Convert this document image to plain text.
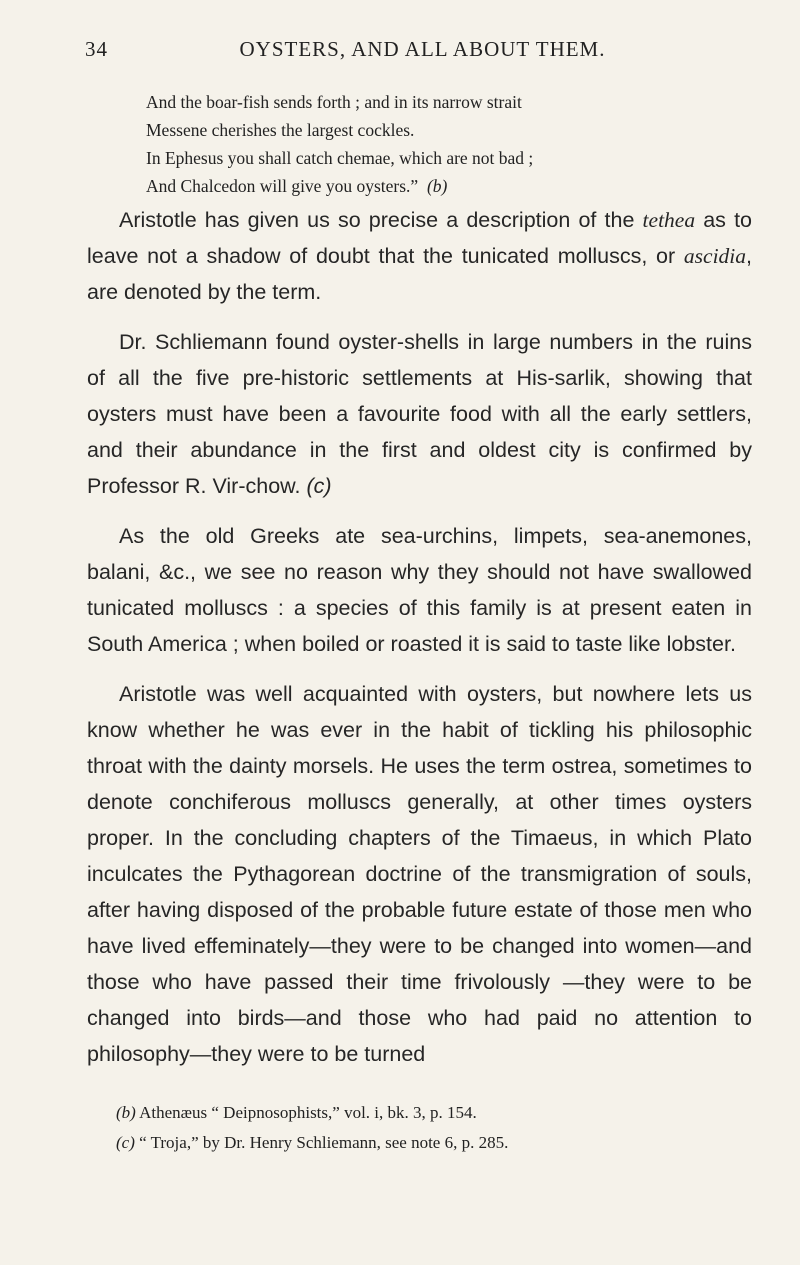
34	OYSTERS, AND ALL ABOUT THEM.
And the boar-fish sends forth ; and in its narrow strait
Messene cherishes the largest cockles.
In Ephesus you shall catch chemae, which are not bad ;
And Chalcedon will give you oysters.” (b)

Aristotle has given us so precise a description of the tethea as to leave not a shadow of doubt that the tunicated molluscs, or ascidia, are denoted by the term.

Dr. Schliemann found oyster-shells in large numbers in the ruins of all the five pre-historic settlements at His-sarlik, showing that oysters must have been a favourite food with all the early settlers, and their abundance in the first and oldest city is confirmed by Professor R. Vir-chow. (c)

As the old Greeks ate sea-urchins, limpets, sea-anemones, balani, &c., we see no reason why they should not have swallowed tunicated molluscs : a species of this family is at present eaten in South America ; when boiled or roasted it is said to taste like lobster.

Aristotle was well acquainted with oysters, but nowhere lets us know whether he was ever in the habit of tickling his philosophic throat with the dainty morsels. He uses the term ostrea, sometimes to denote conchiferous molluscs generally, at other times oysters proper. In the concluding chapters of the Timaeus, in which Plato inculcates the Pythagorean doctrine of the transmigration of souls, after having disposed of the probable future estate of those men who have lived effeminately—they were to be changed into women—and those who have passed their time frivolously —they were to be changed into birds—and those who had paid no attention to philosophy—they were to be turned

(b) Athenæus “ Deipnosophists,” vol. i, bk. 3, p. 154.
(c) “ Troja,” by Dr. Henry Schliemann, see note 6, p. 285.
